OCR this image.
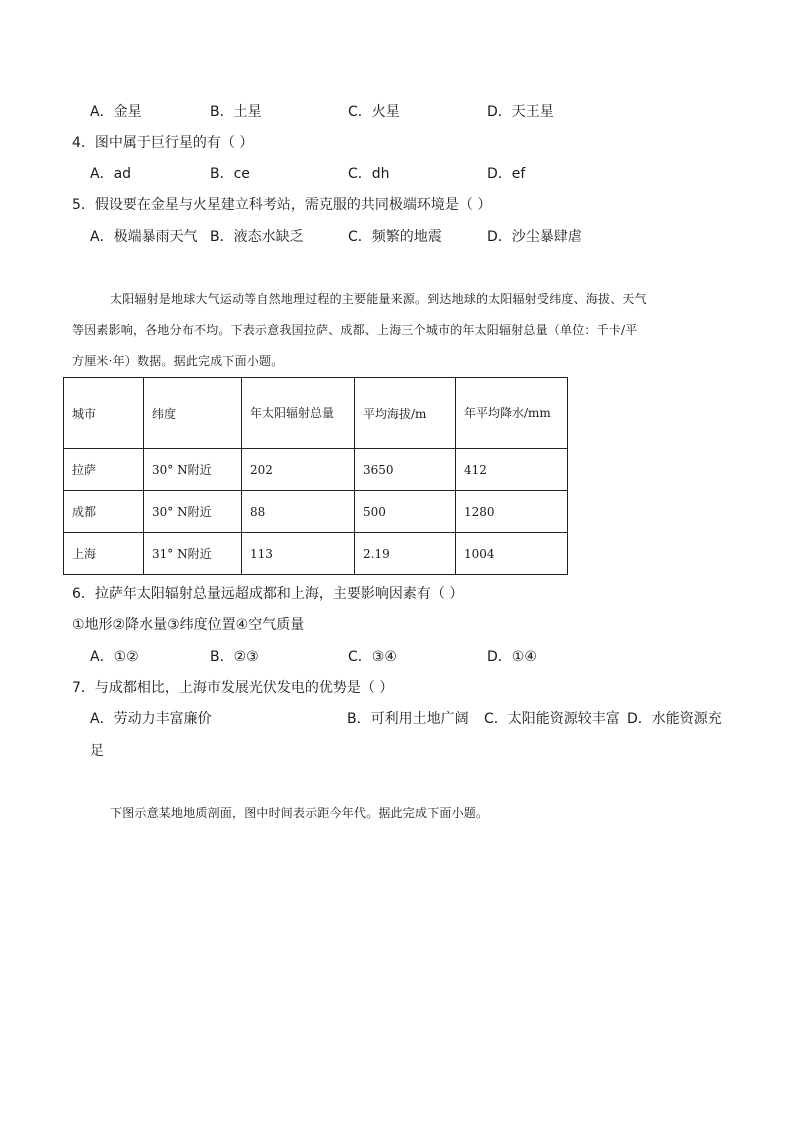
A．金星	B．土星	C．火星	D．天王星
4．图中属于巨行星的有（ ）
A．ad	B．ce	C．dh	D．ef
5．假设要在金星与火星建立科考站，需克服的共同极端环境是（ ）
A．极端暴雨天气 B．液态水缺乏	C．频繁的地震	D．沙尘暴肆虐
太阳辐射是地球大气运动等自然地理过程的主要能量来源。到达地球的太阳辐射受纬度、海拔、天气
等因素影响，各地分布不均。下表示意我国拉萨、成都、上海三个城市的年太阳辐射总量（单位：千卡/平
方厘米·年）数据。据此完成下面小题。
城市	纬度	年太阳辐射总量	平均海拔/m	年平均降水/mm

拉萨	30° N附近	202	3650	412
成都	30° N附近	88	500	1280
上海	31° N附近	113	2.19	1004
6．拉萨年太阳辐射总量远超成都和上海，主要影响因素有（ ）
①地形②降水量③纬度位置④空气质量
A．①②	B．②③	C．③④	D．①④
7．与成都相比，上海市发展光伏发电的优势是（ ）
A．劳动力丰富廉价	B．可利用土地广阔 C．太阳能资源较丰富 D．水能资源充
足
下图示意某地地质剖面，图中时间表示距今年代。据此完成下面小题。
